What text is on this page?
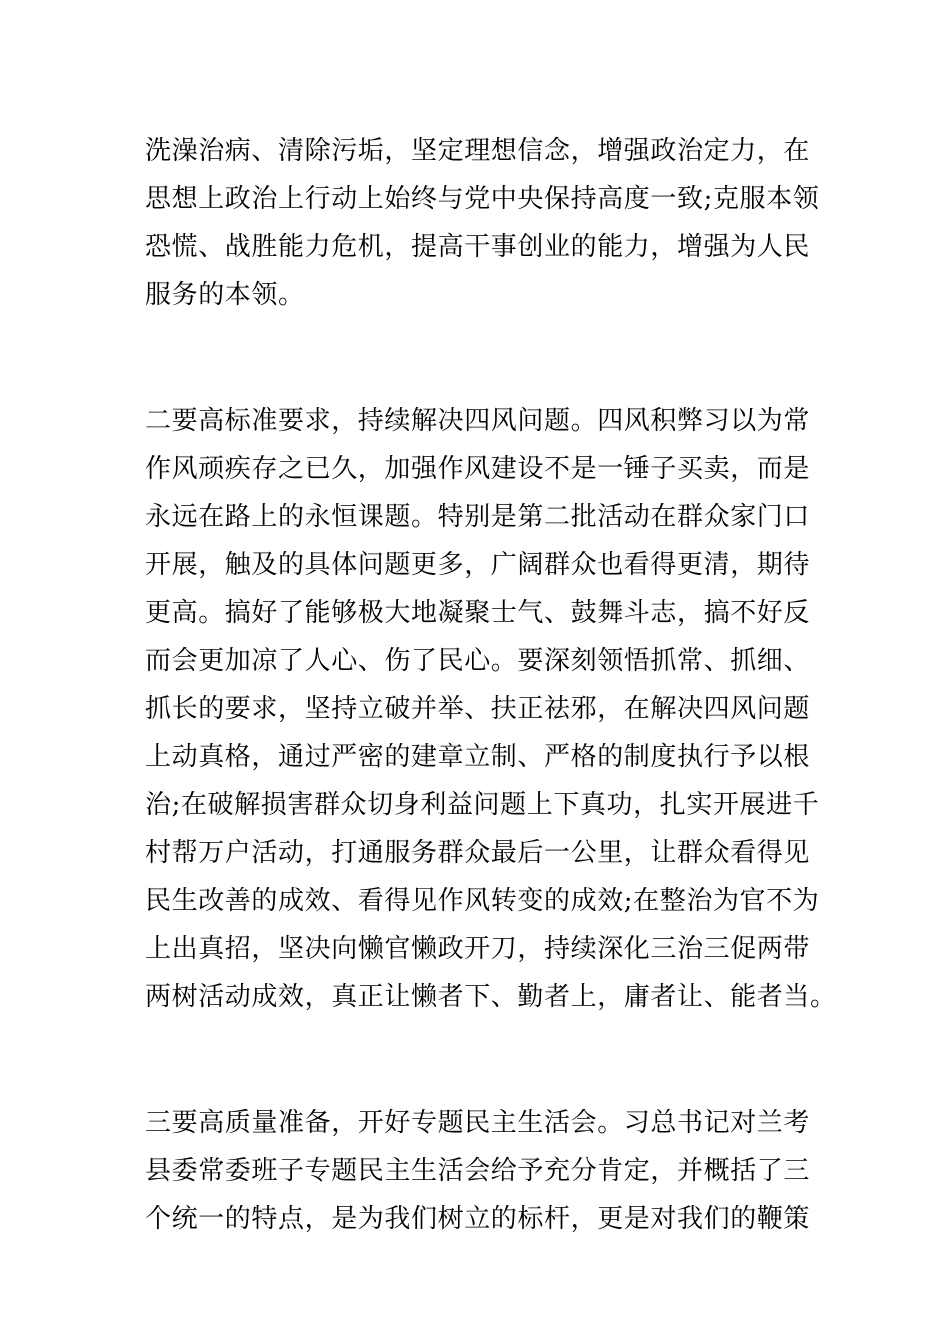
洗澡治病、清除污垢，坚定理想信念，增强政治定力，在
思想上政治上行动上始终与党中央保持高度一致;克服本领
恐慌、战胜能力危机，提高干事创业的能力，增强为人民
服务的本领。
二要高标准要求，持续解决四风问题。四风积弊习以为常
作风顽疾存之已久，加强作风建设不是一锤子买卖，而是
永远在路上的永恒课题。特别是第二批活动在群众家门口
开展，触及的具体问题更多，广阔群众也看得更清，期待
更高。搞好了能够极大地凝聚士气、鼓舞斗志，搞不好反
而会更加凉了人心、伤了民心。要深刻领悟抓常、抓细、
抓长的要求，坚持立破并举、扶正祛邪，在解决四风问题
上动真格，通过严密的建章立制、严格的制度执行予以根
治;在破解损害群众切身利益问题上下真功，扎实开展进千
村帮万户活动，打通服务群众最后一公里，让群众看得见
民生改善的成效、看得见作风转变的成效;在整治为官不为
上出真招，坚决向懒官懒政开刀，持续深化三治三促两带
两树活动成效，真正让懒者下、勤者上，庸者让、能者当。
三要高质量准备，开好专题民主生活会。习总书记对兰考
县委常委班子专题民主生活会给予充分肯定，并概括了三
个统一的特点，是为我们树立的标杆，更是对我们的鞭策
